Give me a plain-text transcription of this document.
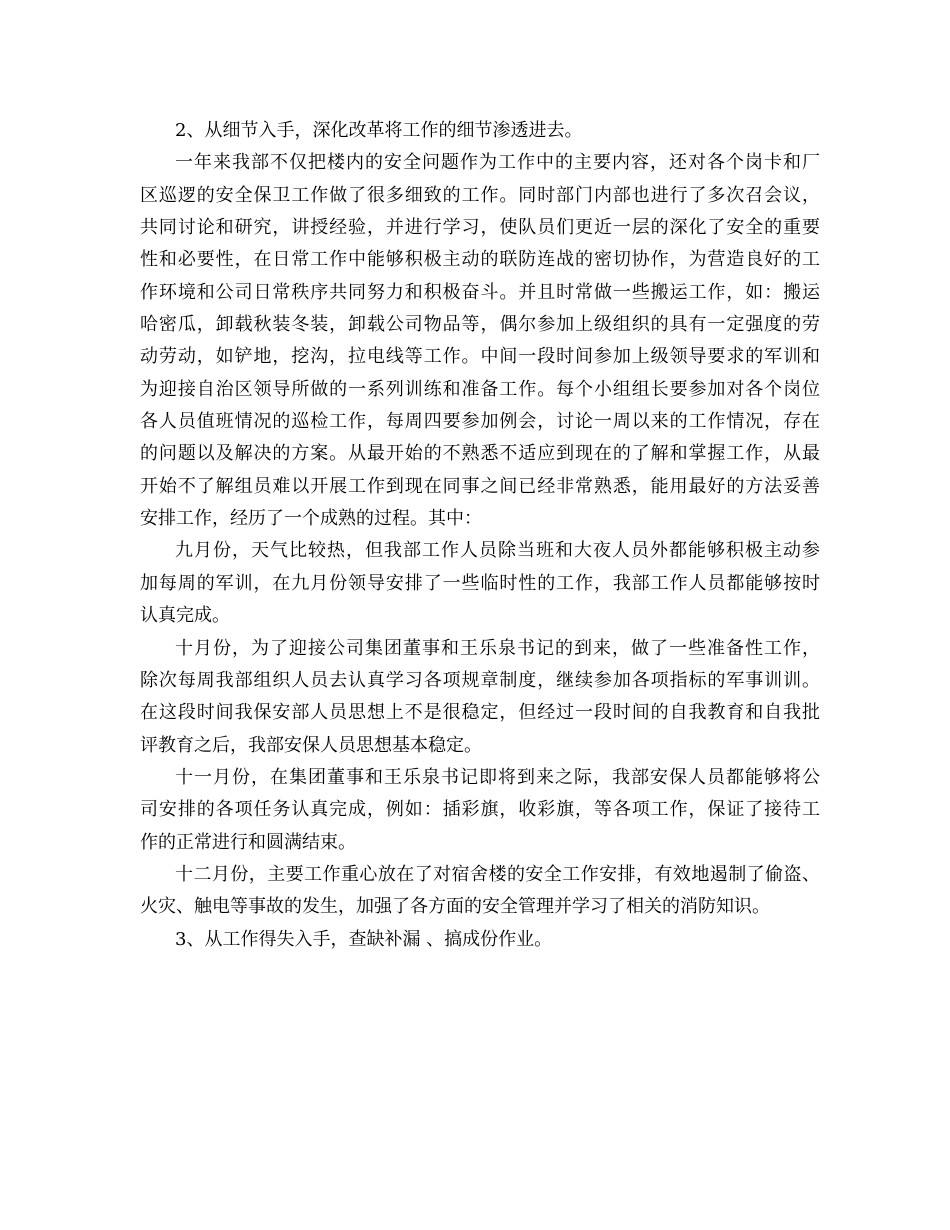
2、从细节入手，深化改革将工作的细节渗透进去。
一年来我部不仅把楼内的安全问题作为工作中的主要内容，还对各个岗卡和厂
区巡逻的安全保卫工作做了很多细致的工作。同时部门内部也进行了多次召会议，
共同讨论和研究，讲授经验，并进行学习，使队员们更近一层的深化了安全的重要
性和必要性，在日常工作中能够积极主动的联防连战的密切协作，为营造良好的工
作环境和公司日常秩序共同努力和积极奋斗。并且时常做一些搬运工作，如：搬运
哈密瓜，卸载秋装冬装，卸载公司物品等，偶尔参加上级组织的具有一定强度的劳
动劳动，如铲地，挖沟，拉电线等工作。中间一段时间参加上级领导要求的军训和
为迎接自治区领导所做的一系列训练和准备工作。每个小组组长要参加对各个岗位
各人员值班情况的巡检工作，每周四要参加例会，讨论一周以来的工作情况，存在
的问题以及解决的方案。从最开始的不熟悉不适应到现在的了解和掌握工作，从最
开始不了解组员难以开展工作到现在同事之间已经非常熟悉，能用最好的方法妥善
安排工作，经历了一个成熟的过程。其中：
九月份，天气比较热，但我部工作人员除当班和大夜人员外都能够积极主动参
加每周的军训，在九月份领导安排了一些临时性的工作，我部工作人员都能够按时
认真完成。
十月份，为了迎接公司集团董事和王乐泉书记的到来，做了一些准备性工作，
除次每周我部组织人员去认真学习各项规章制度，继续参加各项指标的军事训训。
在这段时间我保安部人员思想上不是很稳定，但经过一段时间的自我教育和自我批
评教育之后，我部安保人员思想基本稳定。
十一月份，在集团董事和王乐泉书记即将到来之际，我部安保人员都能够将公
司安排的各项任务认真完成，例如：插彩旗，收彩旗，等各项工作，保证了接待工
作的正常进行和圆满结束。
十二月份，主要工作重心放在了对宿舍楼的安全工作安排，有效地遏制了偷盗、
火灾、触电等事故的发生，加强了各方面的安全管理并学习了相关的消防知识。
3、从工作得失入手，查缺补漏 、搞成份作业。
